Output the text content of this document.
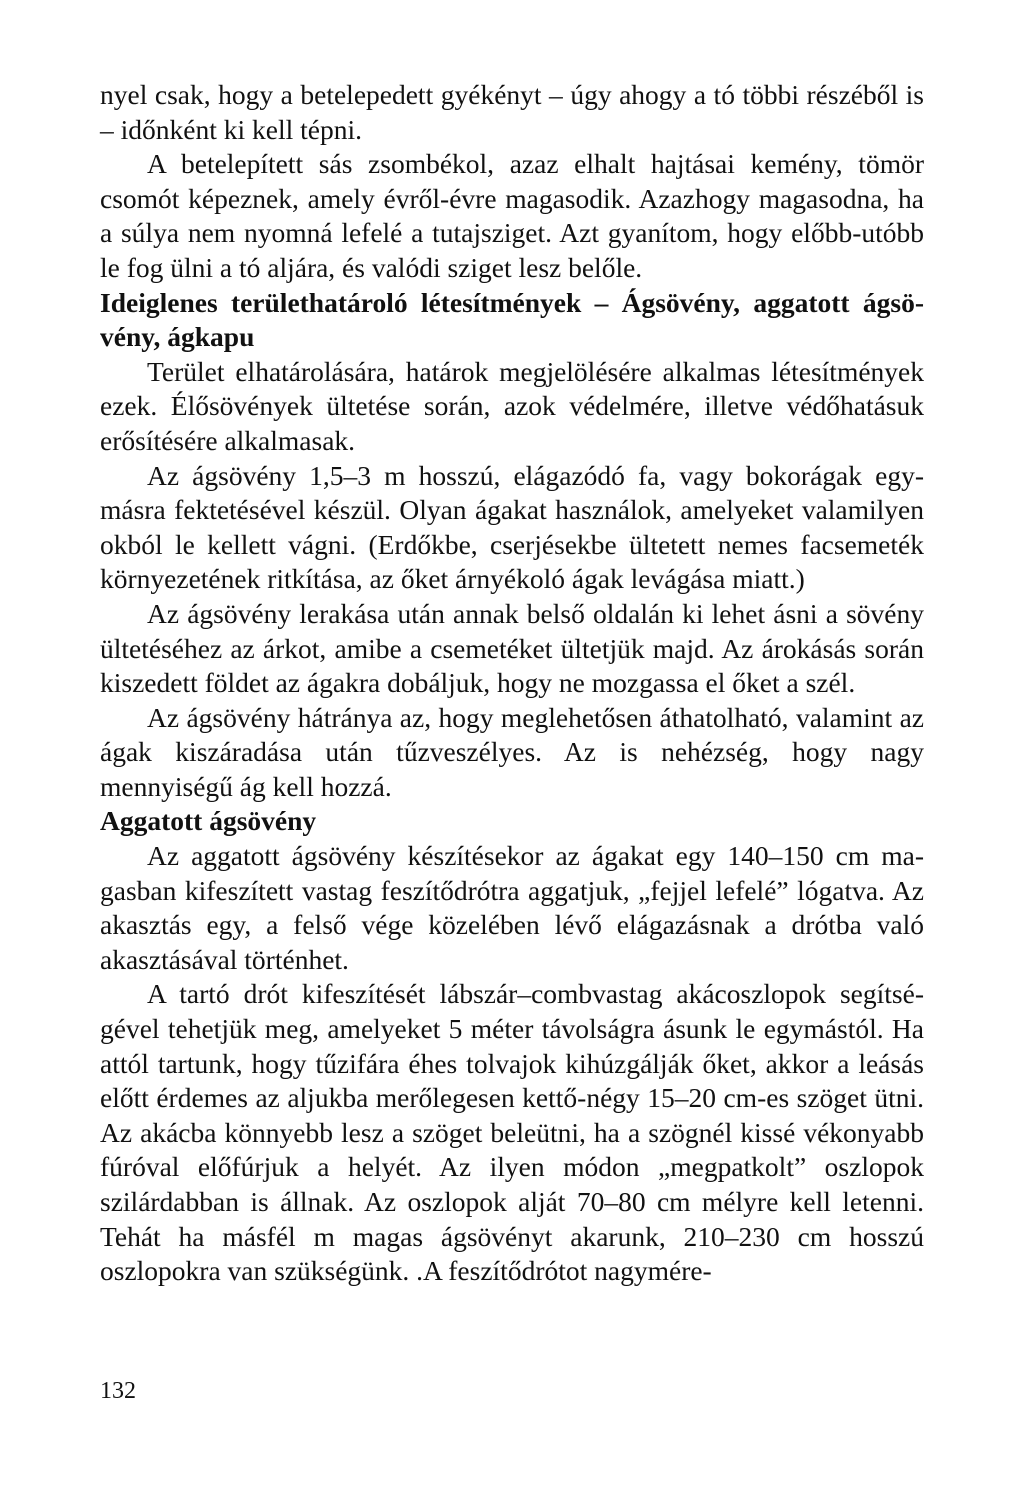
nyel csak, hogy a betelepedett gyékényt – úgy ahogy a tó többi részéből is – időnként ki kell tépni.

A betelepített sás zsombékol, azaz elhalt hajtásai kemény, tömör csomót képeznek, amely évről-évre magasodik. Azazhogy magasodna, ha a súlya nem nyomná lefelé a tutajsziget. Azt gyanítom, hogy előbb-utóbb le fog ülni a tó aljára, és valódi sziget lesz belőle.

Ideiglenes területhatároló létesítmények – Ágsövény, aggatott ágsövény, ágkapu

Terület elhatárolására, határok megjelölésére alkalmas létesítmények ezek. Élősövények ültetése során, azok védelmére, illetve védőhatásuk erősítésére alkalmasak.

Az ágsövény 1,5–3 m hosszú, elágazódó fa, vagy bokorágak egymásra fektetésével készül. Olyan ágakat használok, amelyeket valamilyen okból le kellett vágni. (Erdőkbe, cserjésekbe ültetett nemes facsemeték környezetének ritkítása, az őket árnyékoló ágak levágása miatt.)

Az ágsövény lerakása után annak belső oldalán ki lehet ásni a sövény ültetéséhez az árkot, amibe a csemetéket ültetjük majd. Az árokásás során kiszedett földet az ágakra dobáljuk, hogy ne mozgassa el őket a szél.

Az ágsövény hátránya az, hogy meglehetősen áthatolható, valamint az ágak kiszáradása után tűzveszélyes. Az is nehézség, hogy nagy mennyiségű ág kell hozzá.

Aggatott ágsövény

Az aggatott ágsövény készítésekor az ágakat egy 140–150 cm magasban kifeszített vastag feszítődrótra aggatjuk, „fejjel lefelé” lógatva. Az akasztás egy, a felső vége közelében lévő elágazásnak a drótba való akasztásával történhet.

A tartó drót kifeszítését lábszár–combvastag akácoszlopok segítségével tehetjük meg, amelyeket 5 méter távolságra ásunk le egymástól. Ha attól tartunk, hogy tűzifára éhes tolvajok kihúzgálják őket, akkor a leásás előtt érdemes az aljukba merőlegesen kettő-négy 15–20 cm-es szöget ütni. Az akácba könnyebb lesz a szöget beleütni, ha a szögnél kissé vékonyabb fúróval előfúrjuk a helyét. Az ilyen módon „megpatkolt” oszlopok szilárdabban is állnak. Az oszlopok alját 70–80 cm mélyre kell letenni. Tehát ha másfél m magas ágsövényt akarunk, 210–230 cm hosszú oszlopokra van szükségünk. .A feszítődrótot nagymére-

132
